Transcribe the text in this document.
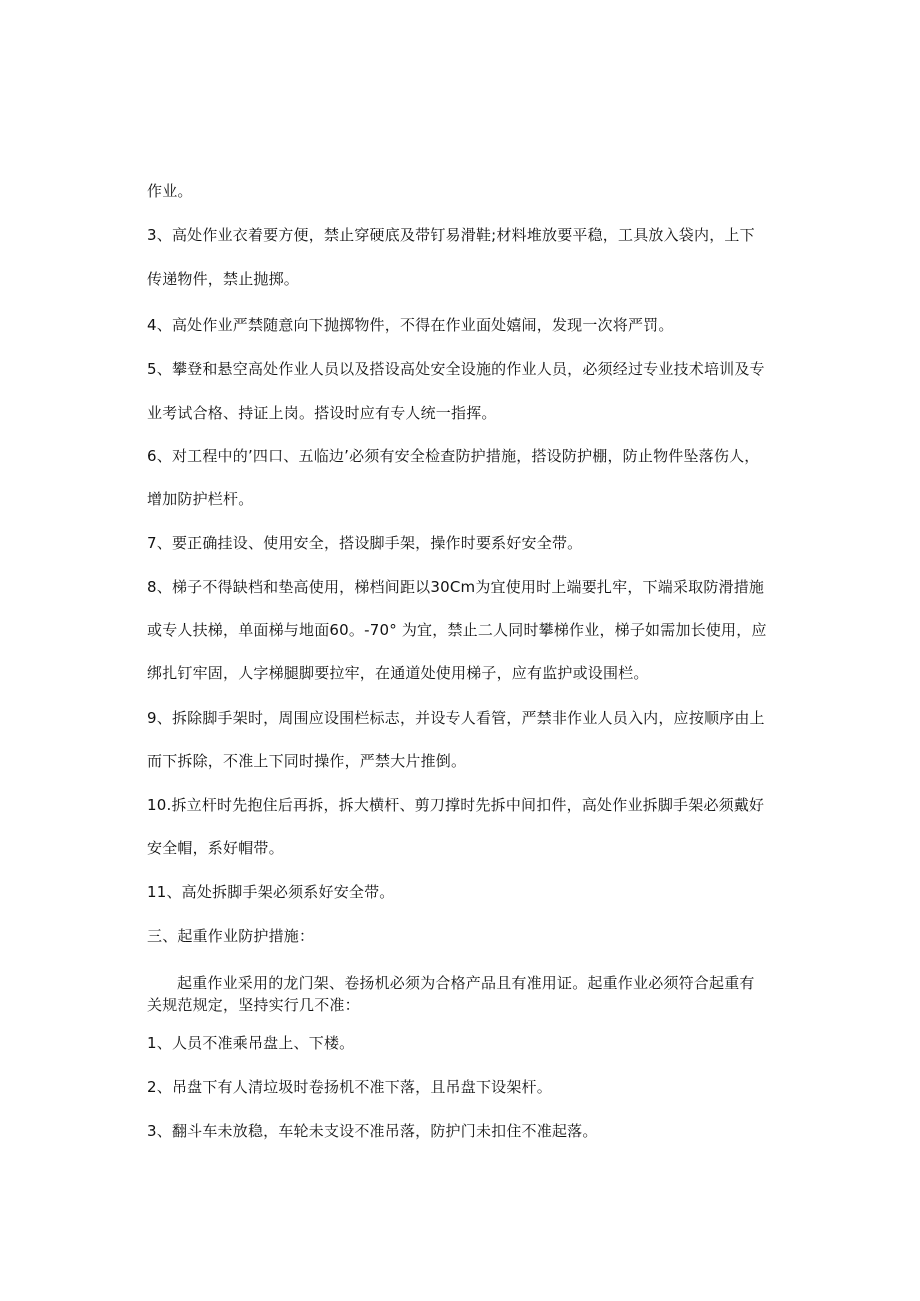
作业。
3、高处作业衣着要方便，禁止穿硬底及带钉易滑鞋;材料堆放要平稳，工具放入袋内，上下
传递物件，禁止抛掷。
4、高处作业严禁随意向下抛掷物件，不得在作业面处嬉闹，发现一次将严罚。
5、攀登和悬空高处作业人员以及搭设高处安全设施的作业人员，必须经过专业技术培训及专
业考试合格、持证上岗。搭设时应有专人统一指挥。
6、对工程中的’四口、五临边’必须有安全检查防护措施，搭设防护棚，防止物件坠落伤人，
增加防护栏杆。
7、要正确挂设、使用安全，搭设脚手架，操作时要系好安全带。
8、梯子不得缺档和垫高使用，梯档间距以30Cm为宜使用时上端要扎牢，下端采取防滑措施
或专人扶梯，单面梯与地面60。-70° 为宜，禁止二人同时攀梯作业，梯子如需加长使用，应
绑扎钉牢固，人字梯腿脚要拉牢，在通道处使用梯子，应有监护或设围栏。
9、拆除脚手架时，周围应设围栏标志，并设专人看管，严禁非作业人员入内，应按顺序由上
而下拆除，不准上下同时操作，严禁大片推倒。
10.拆立杆时先抱住后再拆，拆大横杆、剪刀撑时先拆中间扣件，高处作业拆脚手架必须戴好
安全帽，系好帽带。
11、高处拆脚手架必须系好安全带。
三、起重作业防护措施：
起重作业采用的龙门架、卷扬机必须为合格产品且有准用证。起重作业必须符合起重有
关规范规定，坚持实行几不准：
1、人员不准乘吊盘上、下楼。
2、吊盘下有人清垃圾时卷扬机不准下落，且吊盘下设架杆。
3、翻斗车未放稳，车轮未支设不准吊落，防护门未扣住不准起落。
